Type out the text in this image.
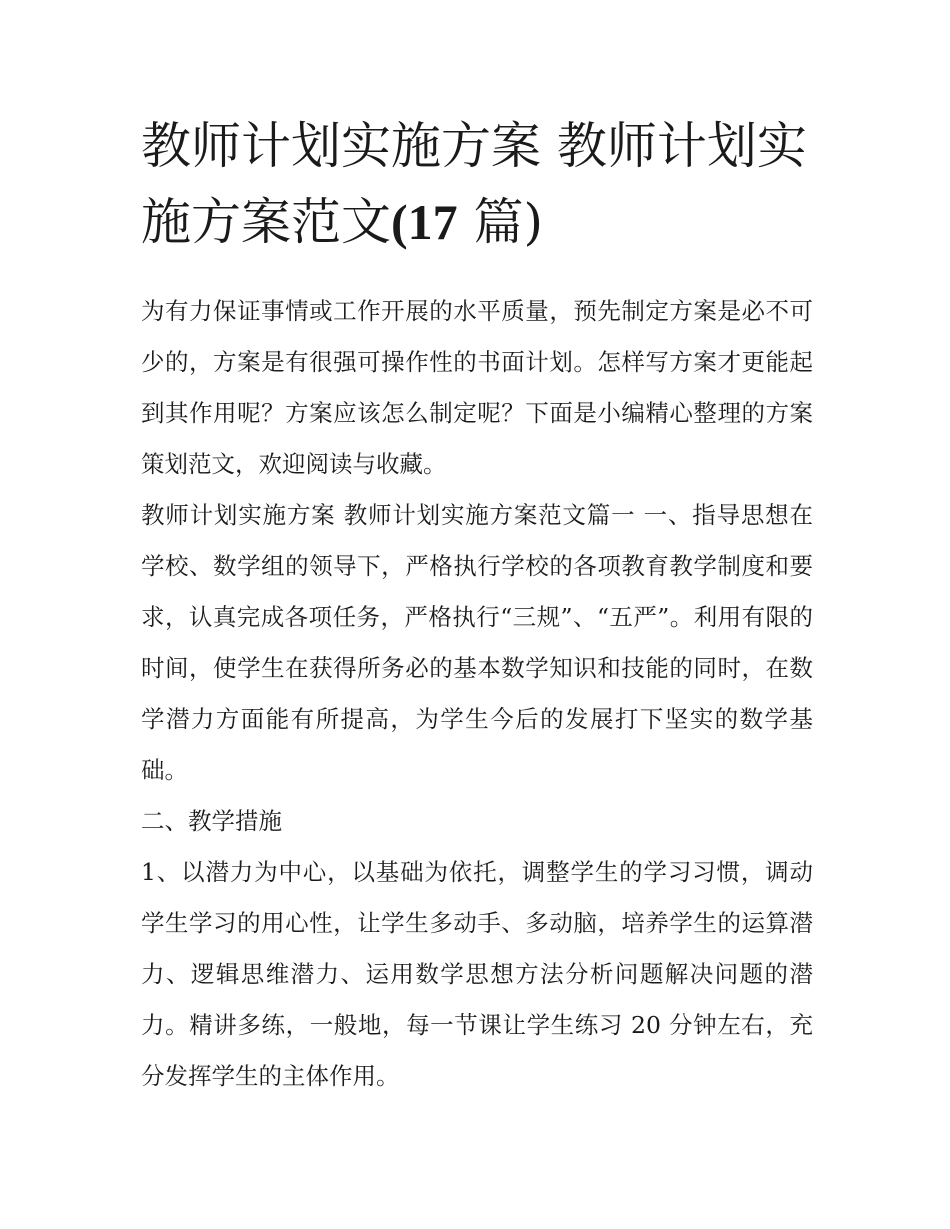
教师计划实施方案 教师计划实施方案范文(17 篇)

为有力保证事情或工作开展的水平质量，预先制定方案是必不可少的，方案是有很强可操作性的书面计划。怎样写方案才更能起到其作用呢？方案应该怎么制定呢？下面是小编精心整理的方案策划范文，欢迎阅读与收藏。

教师计划实施方案 教师计划实施方案范文篇一 一、指导思想在学校、数学组的领导下，严格执行学校的各项教育教学制度和要求，认真完成各项任务，严格执行“三规”、“五严”。利用有限的时间，使学生在获得所务必的基本数学知识和技能的同时，在数学潜力方面能有所提高，为学生今后的发展打下坚实的数学基础。

二、教学措施

1、以潜力为中心，以基础为依托，调整学生的学习习惯，调动学生学习的用心性，让学生多动手、多动脑，培养学生的运算潜力、逻辑思维潜力、运用数学思想方法分析问题解决问题的潜力。精讲多练，一般地，每一节课让学生练习 20 分钟左右，充分发挥学生的主体作用。
